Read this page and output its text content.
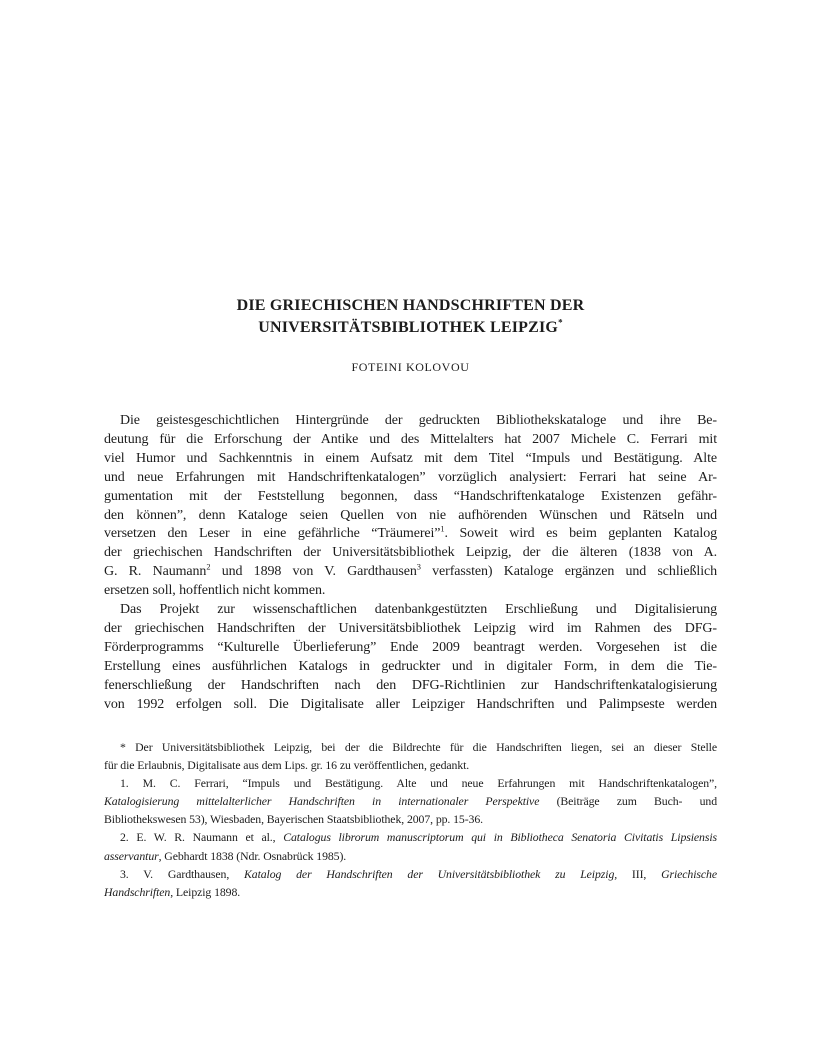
DIE GRIECHISCHEN HANDSCHRIFTEN DER
UNIVERSITÄTSBIBLIOTHEK LEIPZIG*
FOTEINI KOLOVOU
Die geistesgeschichtlichen Hintergründe der gedruckten Bibliothekskataloge und ihre Be-
deutung für die Erforschung der Antike und des Mittelalters hat 2007 Michele C. Ferrari mit
viel Humor und Sachkenntnis in einem Aufsatz mit dem Titel “Impuls und Bestätigung. Alte
und neue Erfahrungen mit Handschriftenkatalogen” vorzüglich analysiert: Ferrari hat seine Ar-
gumentation mit der Feststellung begonnen, dass “Handschriftenkataloge Existenzen gefähr-
den können”, denn Kataloge seien Quellen von nie aufhörenden Wünschen und Rätseln und
versetzen den Leser in eine gefährliche “Träumerei”$^1$. Soweit wird es beim geplanten Katalog
der griechischen Handschriften der Universitätsbibliothek Leipzig, der die älteren (1838 von A.
G. R. Naumann$^2$ und 1898 von V. Gardthausen$^3$ verfassten) Kataloge ergänzen und schließlich
ersetzen soll, hoffentlich nicht kommen.
Das Projekt zur wissenschaftlichen datenbankgestützten Erschließung und Digitalisierung
der griechischen Handschriften der Universitätsbibliothek Leipzig wird im Rahmen des DFG-
Förderprogramms “Kulturelle Überlieferung” Ende 2009 beantragt werden. Vorgesehen ist die
Erstellung eines ausführlichen Katalogs in gedruckter und in digitaler Form, in dem die Tie-
fenerschließung der Handschriften nach den DFG-Richtlinien zur Handschriftenkatalogisierung
von 1992 erfolgen soll. Die Digitalisate aller Leipziger Handschriften und Palimpseste werden
* Der Universitätsbibliothek Leipzig, bei der die Bildrechte für die Handschriften liegen, sei an dieser Stelle
für die Erlaubnis, Digitalisate aus dem Lips. gr. 16 zu veröffentlichen, gedankt.
1. M. C. Ferrari, “Impuls und Bestätigung. Alte und neue Erfahrungen mit Handschriftenkatalogen”,
Katalogisierung mittelalterlicher Handschriften in internationaler Perspektive (Beiträge zum Buch- und
Bibliothekswesen 53), Wiesbaden, Bayerischen Staatsbibliothek, 2007, pp. 15-36.
2. E. W. R. Naumann et al., Catalogus librorum manuscriptorum qui in Bibliotheca Senatoria Civitatis Lipsiensis
asservantur, Gebhardt 1838 (Ndr. Osnabrück 1985).
3. V. Gardthausen, Katalog der Handschriften der Universitätsbibliothek zu Leipzig, III, Griechische
Handschriften, Leipzig 1898.
